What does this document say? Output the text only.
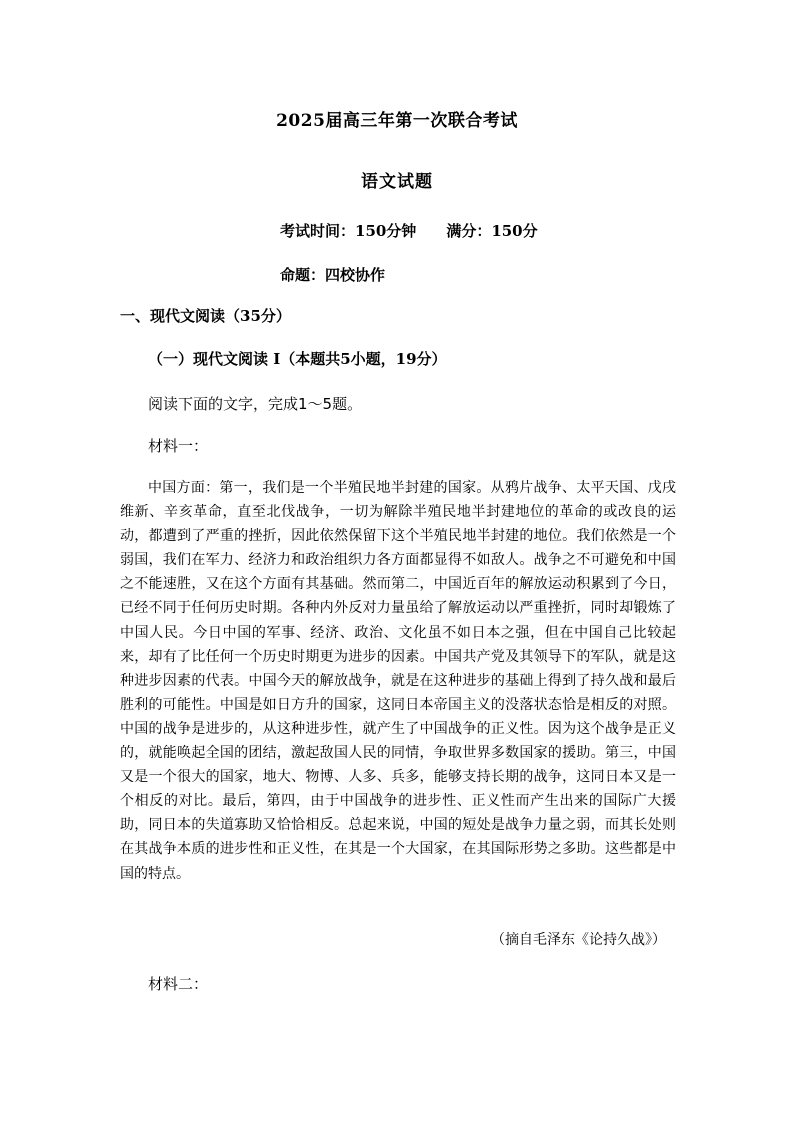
2025届高三年第一次联合考试
语文试题
考试时间：150分钟 满分：150分
命题：四校协作
一、现代文阅读（35分）
（一）现代文阅读 I（本题共5小题，19分）
阅读下面的文字，完成1～5题。
材料一：

中国方面：第一，我们是一个半殖民地半封建的国家。从鸦片战争、太平天国、戊戌维新、辛亥革命，直至北伐战争，一切为解除半殖民地半封建地位的革命的或改良的运动，都遭到了严重的挫折，因此依然保留下这个半殖民地半封建的地位。我们依然是一个弱国，我们在军力、经济力和政治组织力各方面都显得不如敌人。战争之不可避免和中国之不能速胜，又在这个方面有其基础。然而第二，中国近百年的解放运动积累到了今日，已经不同于任何历史时期。各种内外反对力量虽给了解放运动以严重挫折，同时却锻炼了中国人民。今日中国的军事、经济、政治、文化虽不如日本之强，但在中国自己比较起来，却有了比任何一个历史时期更为进步的因素。中国共产党及其领导下的军队，就是这种进步因素的代表。中国今天的解放战争，就是在这种进步的基础上得到了持久战和最后胜利的可能性。中国是如日方升的国家，这同日本帝国主义的没落状态恰是相反的对照。中国的战争是进步的，从这种进步性，就产生了中国战争的正义性。因为这个战争是正义的，就能唤起全国的团结，激起敌国人民的同情，争取世界多数国家的援助。第三，中国又是一个很大的国家，地大、物博、人多、兵多，能够支持长期的战争，这同日本又是一个相反的对比。最后，第四，由于中国战争的进步性、正义性而产生出来的国际广大援助，同日本的失道寡助又恰恰相反。总起来说，中国的短处是战争力量之弱，而其长处则在其战争本质的进步性和正义性，在其是一个大国家，在其国际形势之多助。这些都是中国的特点。

（摘自毛泽东《论持久战》）
材料二：
